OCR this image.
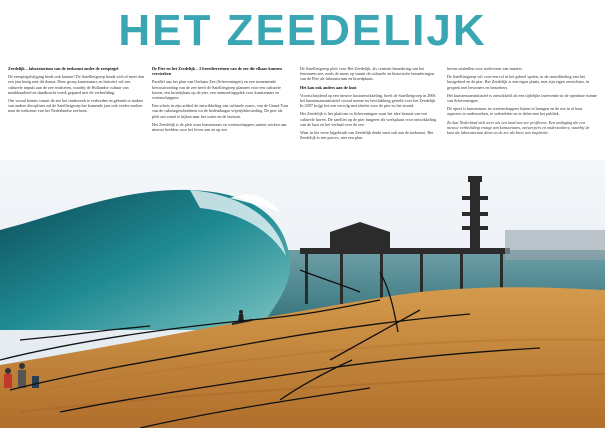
HET ZEEDELIJK

Zeedelijk – laboratorium van de toekomst onder de zeespiegel

De zeespiegelstijging biedt ook kansen! De Satellietgroep houdt zich al meer dan een jaar bezig met dit thema. Deze groep kunstenaars en historici wil een culturele impuls aan de zee realiseren, waarbij de Hollandse cultuur van maakbaarheid en daadkracht wordt gepaard met de verbeelding.

Om vooral kennis vanuit de zee het onderzoek te verbreden en gebruik te maken van andere disciplines zal de Satellietgroep het komende jaar ook verder zoeken naar de toekomst van het Nederlandse zeefront.

De Pier en het Zeedelijk – 2 broedterreinen van de zee die elkaar kunnen versterken

Parallel aan het plan van Oerhans Zee (Scheveningen) en een toenemende bewustwording van de zee heeft de Satellietgroep plannen voor een culturele haven, een broedplaats op de pier, een ontmoetingsplek voor kunstenaars en wetenschappers.

Een schets in zijn artikel de ontwikkeling van culturele zones, van de Grand Tour van de cultuurgeschiedenis tot de hedendaagse vrijetijdsbesteding. De pier als plek om vanaf te kijken naar het water en de horizon.

Het Zeedelijk is de plek waar kunstenaars en wetenschappers samen werken aan nieuwe beelden voor het leven aan en op zee.

De Satellietgroep pleit voor Het Zeedelijk, als centrale benadering van het fenomeen zee, zoals de mens op vanuit de culturele en historische benaderingen van de Pier als laboratorium en broedplaats.

Het kan ook anders aan de kust

Voortschrijdend op een nieuwe kustontwikkeling, heeft de Satellietgroep in 2006 het kunstenaarsinitiatief vooral ruimte ter beschikking gesteld voor het Zeedelijk. In 2007 krijgt het een vervolg met ideeën voor de pier en het strand.

Het Zeedelijk is het platform in Scheveningen waar het idee bestaat van een culturele haven. De satelliet op de pier fungeert als werkplaats voor ontwikkeling van de kust en het verhaal over de zee.

Waar in het verre bijgebruik van Zeedelijk denkt men ook aan de toekomst. Het Zeedelijk is een proces, niet een plan.

hoven omhullen voor toeleveren van matters.

De Satellietgroep wil voor een rol in het geheel spelen, in de ontwikkeling van het kustgebied en de pier. Het Zeedelijk is een eigen plaats, met zijn eigen zeezichten, in gesprek met bewoners en bezoekers.

Het kunstenaarsinitiatief is ontwikkeld als een tijdelijke interventie in de openbare ruimte van Scheveningen.

De opzet is kunstenaars en wetenschappers bijeen te brengen en de zee in al haar aspecten te onderzoeken, te verbeelden en te delen met het publiek.

Zo kan Nederland zich weer als een land met zee profileren. Een uitdaging die een nieuwe verbeelding vraagt van kunstenaars, ontwerpers en onderzoekers, waarbij de kust als laboratorium dient en de zee als bron van inspiratie.
